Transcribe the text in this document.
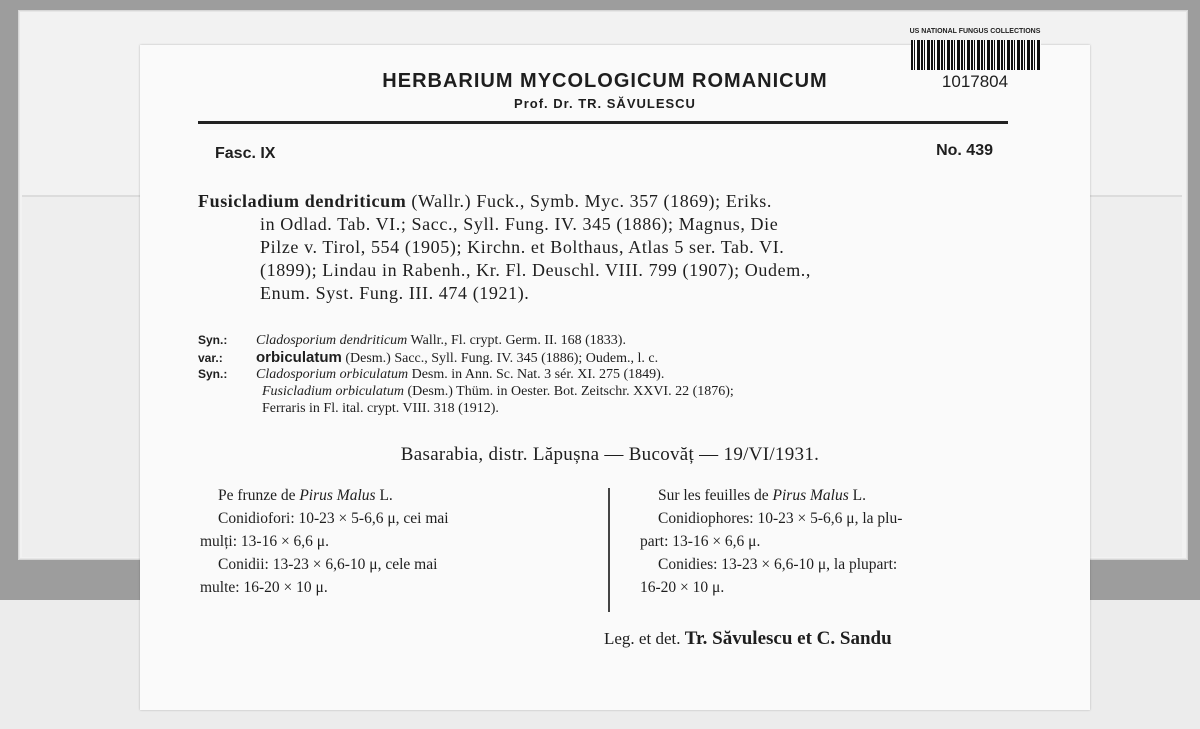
US NATIONAL FUNGUS COLLECTIONS
1017804
HERBARIUM MYCOLOGICUM ROMANICUM
Prof. Dr. TR. SĂVULESCU
Fasc. IX	No. 439
Fusicladium dendriticum (Wallr.) Fuck., Symb. Myc. 357 (1869); Eriks.
in Odlad. Tab. VI.; Sacc., Syll. Fung. IV. 345 (1886); Magnus, Die
Pilze v. Tirol, 554 (1905); Kirchn. et Bolthaus, Atlas 5 ser. Tab. VI.
(1899); Lindau in Rabenh., Kr. Fl. Deuschl. VIII. 799 (1907); Oudem.,
Enum. Syst. Fung. III. 474 (1921).
Syn.: Cladosporium dendriticum Wallr., Fl. crypt. Germ. II. 168 (1833).
var.: orbiculatum (Desm.) Sacc., Syll. Fung. IV. 345 (1886); Oudem., l. c.
Syn.: Cladosporium orbiculatum Desm. in Ann. Sc. Nat. 3 sér. XI. 275 (1849).
Fusicladium orbiculatum (Desm.) Thüm. in Oester. Bot. Zeitschr. XXVI. 22 (1876);
Ferraris in Fl. ital. crypt. VIII. 318 (1912).
Basarabia, distr. Lăpușna — Bucovăț — 19/VI/1931.

Pe frunze de Pirus Malus L.

Conidiofori: 10-23 × 5-6,6 μ, cei mai

mulți: 13-16 × 6,6 μ.

Conidii: 13-23 × 6,6-10 μ, cele mai

multe: 16-20 × 10 μ.

Sur les feuilles de Pirus Malus L.

Conidiophores: 10-23 × 5-6,6 μ, la plu-

part: 13-16 × 6,6 μ.

Conidies: 13-23 × 6,6-10 μ, la plupart:

16-20 × 10 μ.

Leg. et det. Tr. Săvulescu et C. Sandu
